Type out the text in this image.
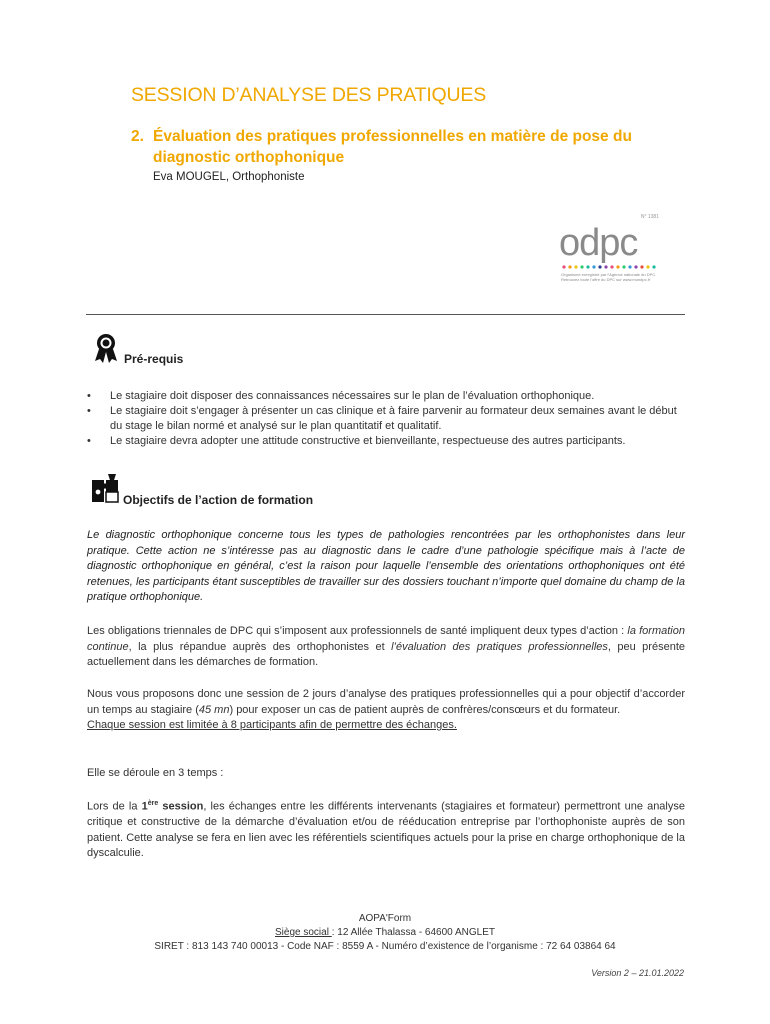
SESSION D’ANALYSE DES PRATIQUES
2. Évaluation des pratiques professionnelles en matière de pose du
diagnostic orthophonique
Eva MOUGEL, Orthophoniste
N° 1381
odpc
Organisme enregistré par l'Agence nationale du DPC. Retrouvez toute l'offre du DPC sur www.mondpc.fr
Pré-requis
• Le stagiaire doit disposer des connaissances nécessaires sur le plan de l’évaluation orthophonique.
• Le stagiaire doit s’engager à présenter un cas clinique et à faire parvenir au formateur deux semaines avant le début du stage le bilan normé et analysé sur le plan quantitatif et qualitatif.
• Le stagiaire devra adopter une attitude constructive et bienveillante, respectueuse des autres participants.
Objectifs de l’action de formation
Le diagnostic orthophonique concerne tous les types de pathologies rencontrées par les orthophonistes dans leur pratique. Cette action ne s’intéresse pas au diagnostic dans le cadre d’une pathologie spécifique mais à l’acte de diagnostic orthophonique en général, c’est la raison pour laquelle l’ensemble des orientations orthophoniques ont été retenues, les participants étant susceptibles de travailler sur des dossiers touchant n’importe quel domaine du champ de la pratique orthophonique.
Les obligations triennales de DPC qui s’imposent aux professionnels de santé impliquent deux types d’action : la formation continue, la plus répandue auprès des orthophonistes et l’évaluation des pratiques professionnelles, peu présente actuellement dans les démarches de formation.
Nous vous proposons donc une session de 2 jours d’analyse des pratiques professionnelles qui a pour objectif d’accorder un temps au stagiaire (45 mn) pour exposer un cas de patient auprès de confrères/consœurs et du formateur.
Chaque session est limitée à 8 participants afin de permettre des échanges.
Elle se déroule en 3 temps :
Lors de la 1ère session, les échanges entre les différents intervenants (stagiaires et formateur) permettront une analyse critique et constructive de la démarche d’évaluation et/ou de rééducation entreprise par l’orthophoniste auprès de son patient. Cette analyse se fera en lien avec les référentiels scientifiques actuels pour la prise en charge orthophonique de la dyscalculie.
AOPA'Form
Siège social : 12 Allée Thalassa - 64600 ANGLET
SIRET : 813 143 740 00013 - Code NAF : 8559 A - Numéro d’existence de l’organisme : 72 64 03864 64
Version 2 – 21.01.2022
